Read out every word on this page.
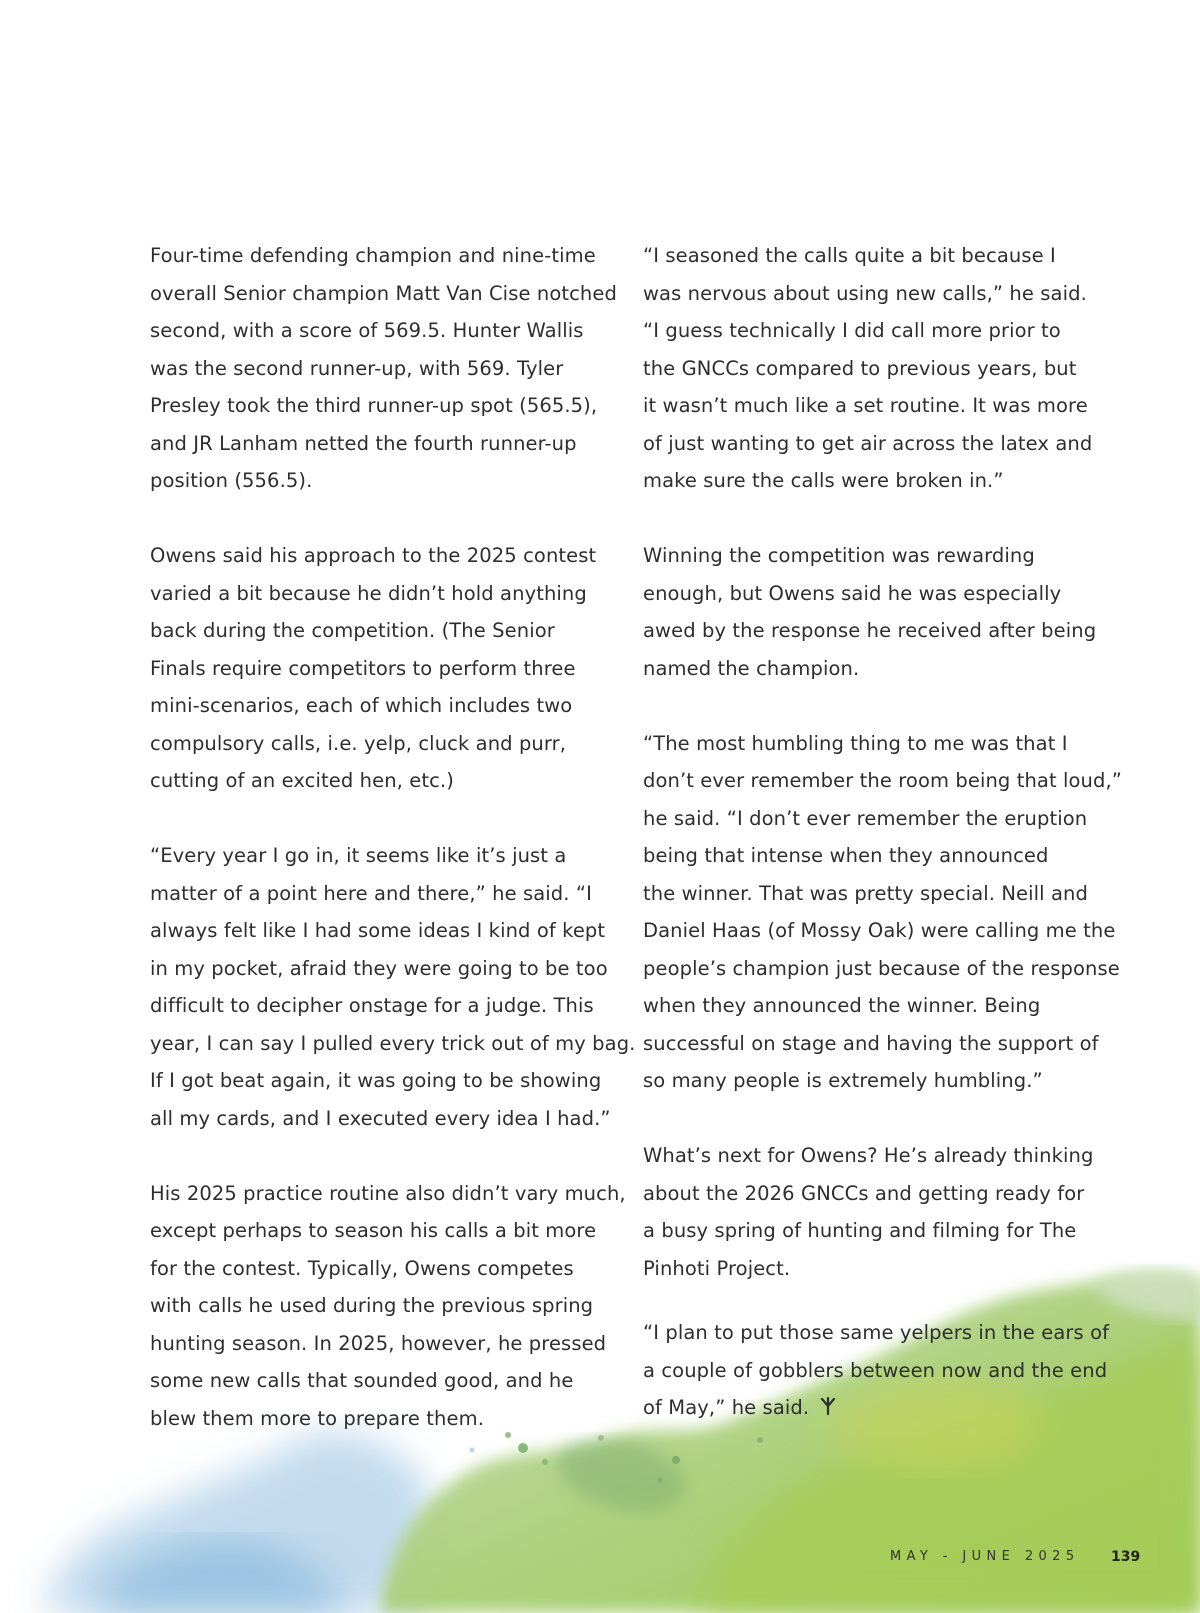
Four-time defending champion and nine-time
overall Senior champion Matt Van Cise notched
second, with a score of 569.5. Hunter Wallis
was the second runner-up, with 569. Tyler
Presley took the third runner-up spot (565.5),
and JR Lanham netted the fourth runner-up
position (556.5).

Owens said his approach to the 2025 contest
varied a bit because he didn’t hold anything
back during the competition. (The Senior
Finals require competitors to perform three
mini-scenarios, each of which includes two
compulsory calls, i.e. yelp, cluck and purr,
cutting of an excited hen, etc.)

“Every year I go in, it seems like it’s just a
matter of a point here and there,” he said. “I
always felt like I had some ideas I kind of kept
in my pocket, afraid they were going to be too
difficult to decipher onstage for a judge. This
year, I can say I pulled every trick out of my bag.
If I got beat again, it was going to be showing
all my cards, and I executed every idea I had.”

His 2025 practice routine also didn’t vary much,
except perhaps to season his calls a bit more
for the contest. Typically, Owens competes
with calls he used during the previous spring
hunting season. In 2025, however, he pressed
some new calls that sounded good, and he
blew them more to prepare them.

“I seasoned the calls quite a bit because I
was nervous about using new calls,” he said.
“I guess technically I did call more prior to
the GNCCs compared to previous years, but
it wasn’t much like a set routine. It was more
of just wanting to get air across the latex and
make sure the calls were broken in.”

Winning the competition was rewarding
enough, but Owens said he was especially
awed by the response he received after being
named the champion.

“The most humbling thing to me was that I
don’t ever remember the room being that loud,”
he said. “I don’t ever remember the eruption
being that intense when they announced
the winner. That was pretty special. Neill and
Daniel Haas (of Mossy Oak) were calling me the
people’s champion just because of the response
when they announced the winner. Being
successful on stage and having the support of
so many people is extremely humbling.”

What’s next for Owens? He’s already thinking
about the 2026 GNCCs and getting ready for
a busy spring of hunting and filming for The
Pinhoti Project.

“I plan to put those same yelpers in the ears of
a couple of gobblers between now and the end
of May,” he said.

MAY - JUNE 2025 139
